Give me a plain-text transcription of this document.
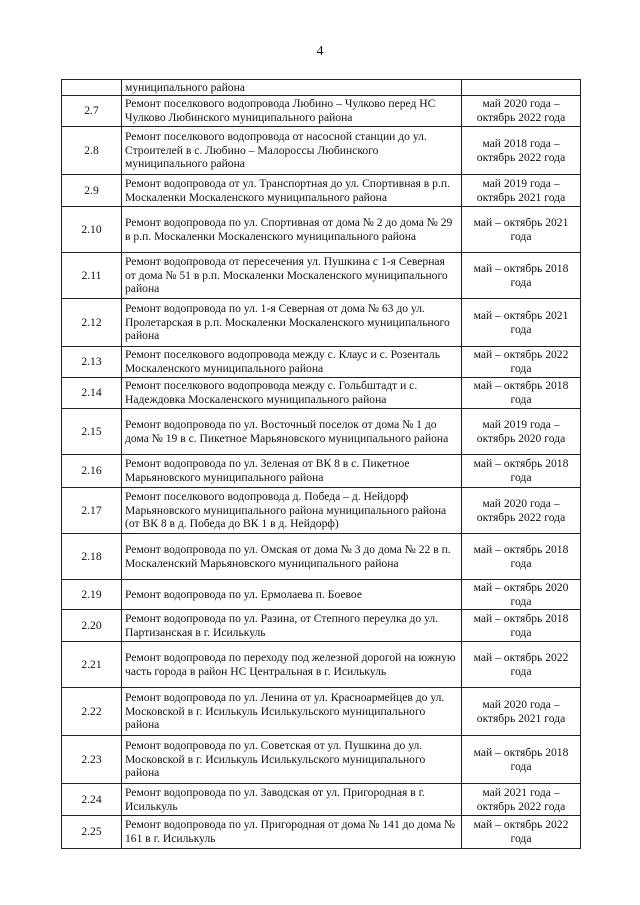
4
	муниципального района	
2.7	Ремонт поселкового водопровода Любино – Чулково перед НС Чулково Любинского муниципального района	май 2020 года – октябрь 2022 года
2.8	Ремонт поселкового водопровода от насосной станции до ул. Строителей в с. Любино – Малороссы Любинского муниципального района	май 2018 года – октябрь 2022 года
2.9	Ремонт водопровода от ул. Транспортная до ул. Спортивная в р.п. Москаленки Москаленского муниципального района	май 2019 года – октябрь 2021 года
2.10	Ремонт водопровода по ул. Спортивная от дома № 2 до дома № 29 в р.п. Москаленки Москаленского муниципального района	май – октябрь 2021 года
2.11	Ремонт водопровода от пересечения ул. Пушкина с 1-я Северная от дома № 51 в р.п. Москаленки Москаленского муниципального района	май – октябрь 2018 года
2.12	Ремонт водопровода по ул. 1-я Северная от дома № 63 до ул. Пролетарская в р.п. Москаленки Москаленского муниципального района	май – октябрь 2021 года
2.13	Ремонт поселкового водопровода между с. Клаус и с. Розенталь Москаленского муниципального района	май – октябрь 2022 года
2.14	Ремонт поселкового водопровода между с. Гольбштадт и с. Надеждовка Москаленского муниципального района	май – октябрь 2018 года
2.15	Ремонт водопровода по ул. Восточный поселок от дома № 1 до дома № 19 в с. Пикетное Марьяновского муниципального района	май 2019 года – октябрь 2020 года
2.16	Ремонт водопровода по ул. Зеленая от ВК 8 в с. Пикетное Марьяновского муниципального района	май – октябрь 2018 года
2.17	Ремонт поселкового водопровода д. Победа – д. Нейдорф Марьяновского муниципального района муниципального района (от ВК 8 в д. Победа до ВК 1 в д. Нейдорф)	май 2020 года – октябрь 2022 года
2.18	Ремонт водопровода по ул. Омская от дома № 3 до дома № 22 в п. Москаленский Марьяновского муниципального района	май – октябрь 2018 года
2.19	Ремонт водопровода по ул. Ермолаева п. Боевое	май – октябрь 2020 года
2.20	Ремонт водопровода по ул. Разина, от Степного переулка до ул. Партизанская в г. Исилькуль	май – октябрь 2018 года
2.21	Ремонт водопровода по переходу под железной дорогой на южную часть города в район НС Центральная в г. Исилькуль	май – октябрь 2022 года
2.22	Ремонт водопровода по ул. Ленина от ул. Красноармейцев до ул. Московской в г. Исилькуль Исилькульского муниципального района	май 2020 года – октябрь 2021 года
2.23	Ремонт водопровода по ул. Советская от ул. Пушкина до ул. Московской в г. Исилькуль Исилькульского муниципального района	май – октябрь 2018 года
2.24	Ремонт водопровода по ул. Заводская от ул. Пригородная в г. Исилькуль	май 2021 года – октябрь 2022 года
2.25	Ремонт водопровода по ул. Пригородная от дома № 141 до дома № 161 в г. Исилькуль	май – октябрь 2022 года
